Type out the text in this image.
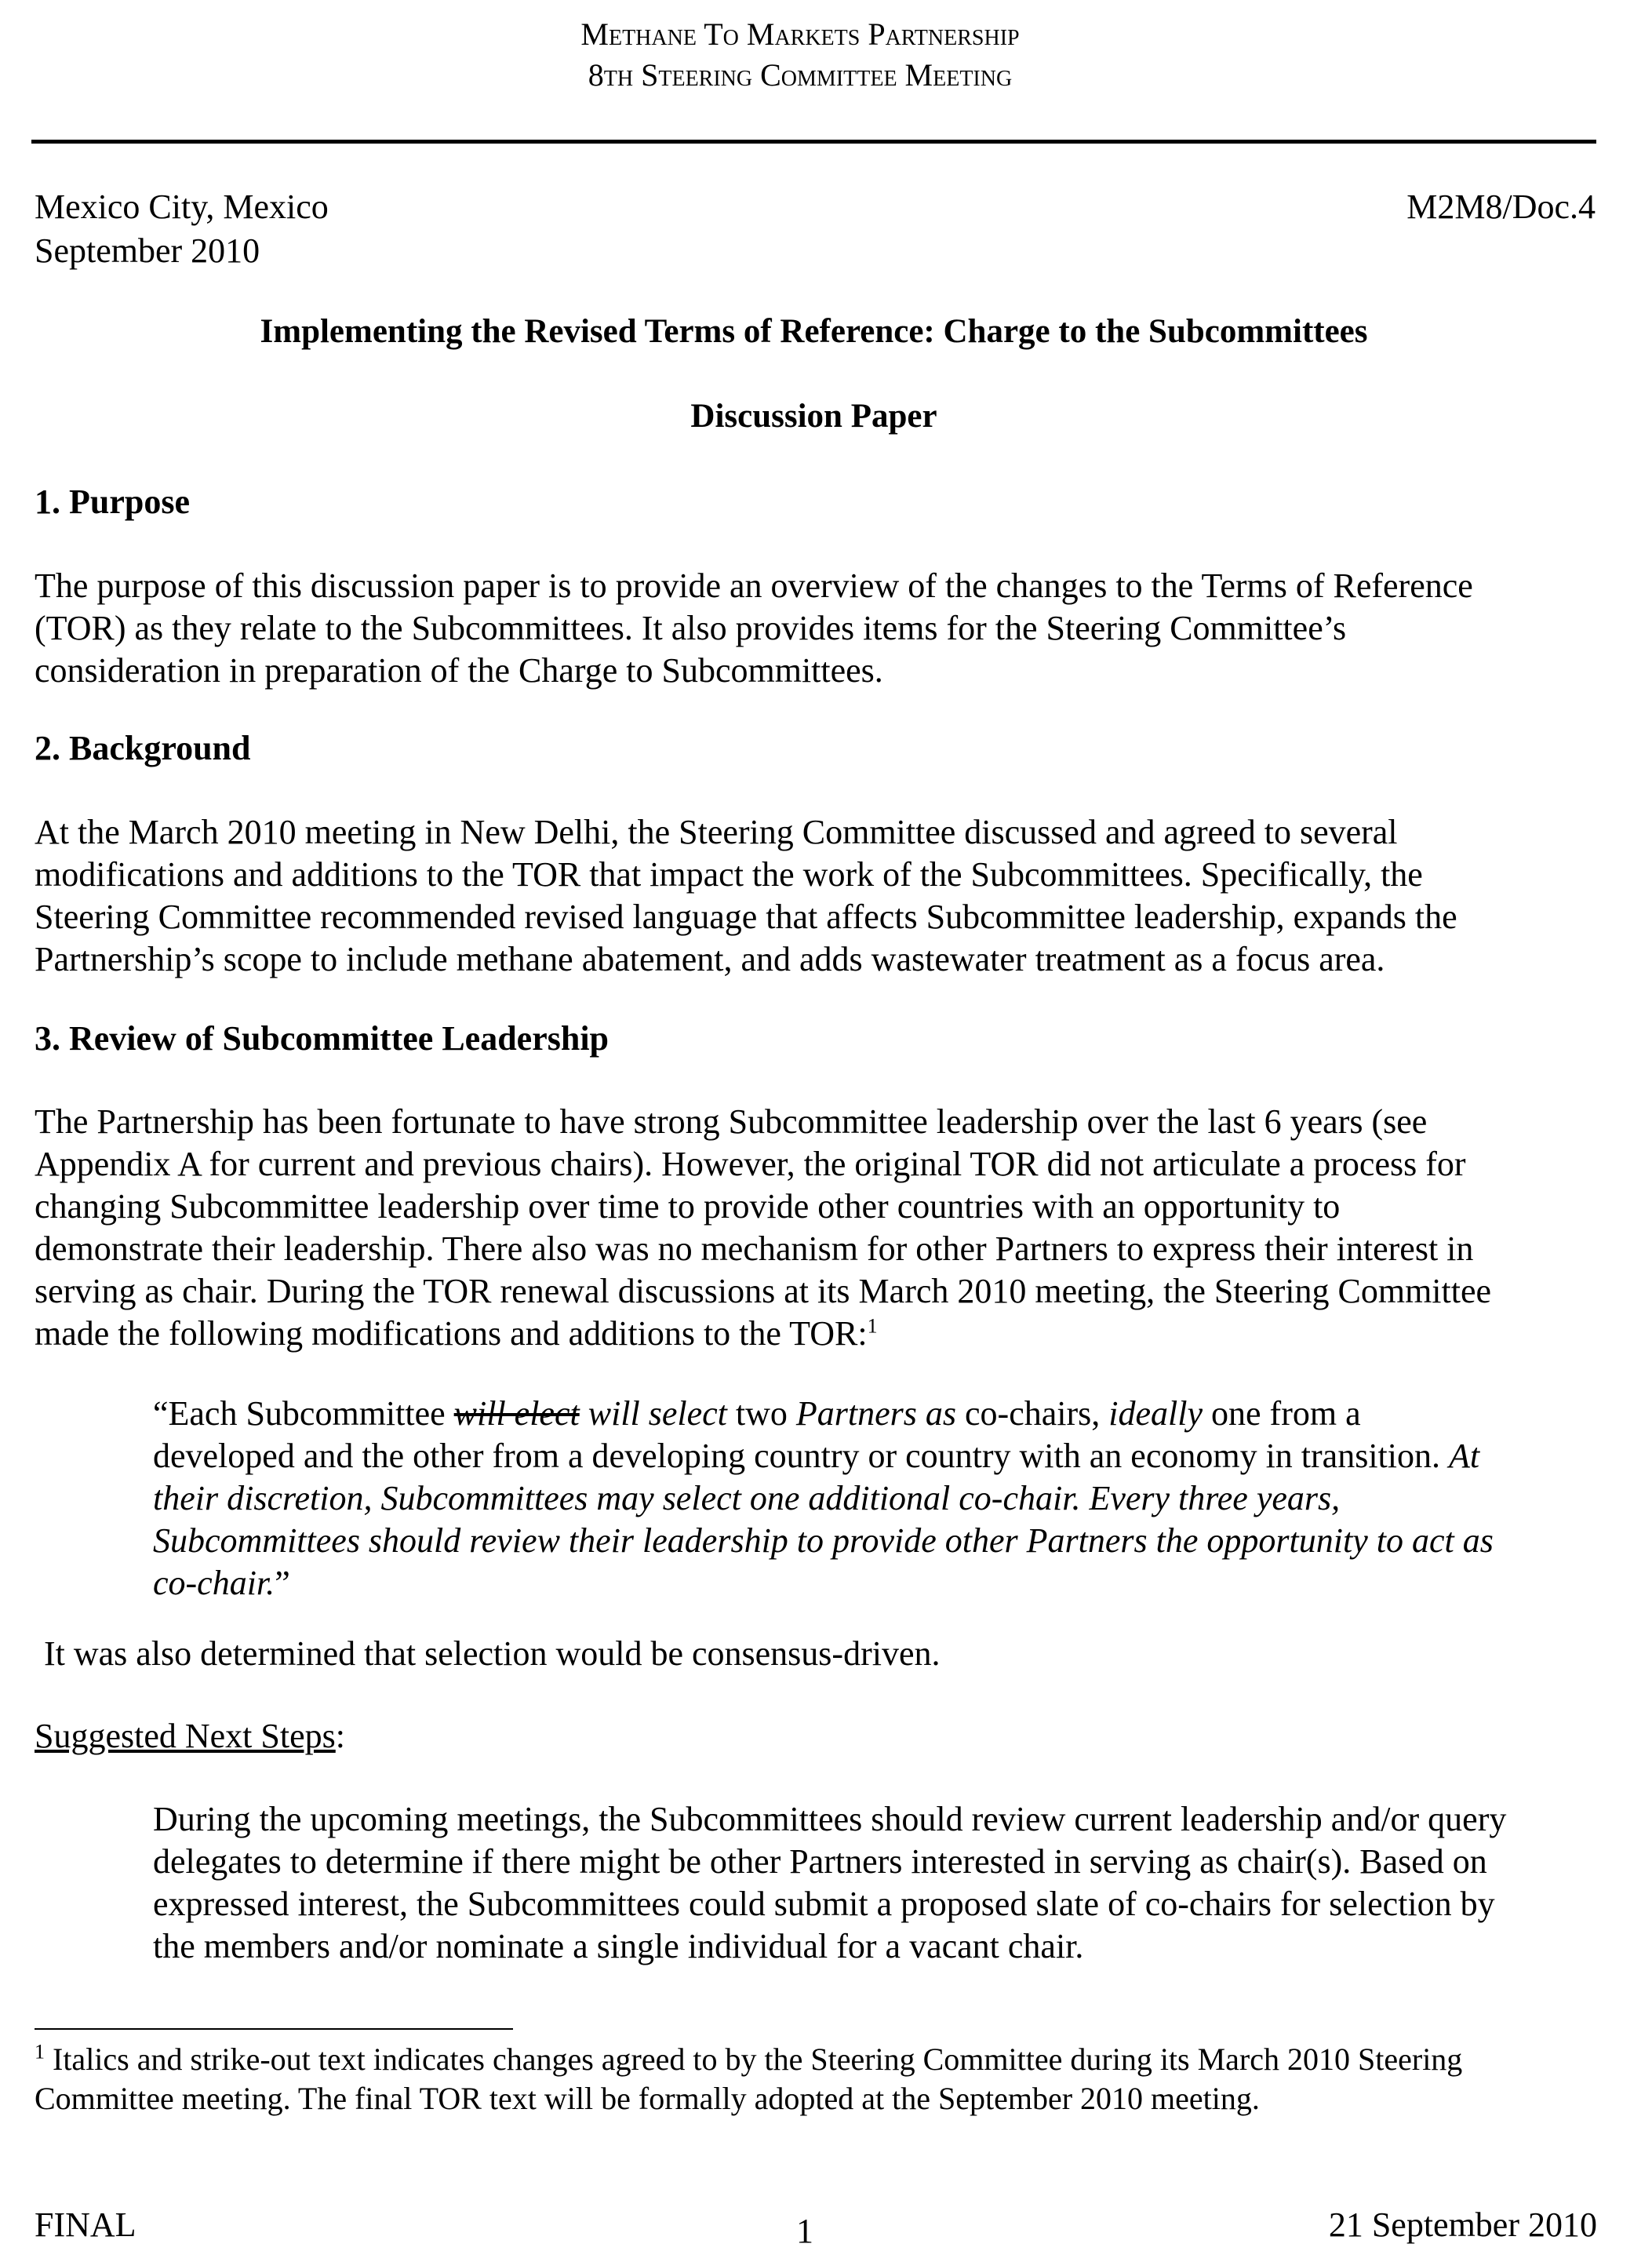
Methane To Markets Partnership
8th Steering Committee Meeting
Mexico City, Mexico
September 2010
M2M8/Doc.4
Implementing the Revised Terms of Reference: Charge to the Subcommittees
Discussion Paper
1. Purpose
The purpose of this discussion paper is to provide an overview of the changes to the Terms of Reference
(TOR) as they relate to the Subcommittees. It also provides items for the Steering Committee’s
consideration in preparation of the Charge to Subcommittees.
2. Background
At the March 2010 meeting in New Delhi, the Steering Committee discussed and agreed to several
modifications and additions to the TOR that impact the work of the Subcommittees. Specifically, the
Steering Committee recommended revised language that affects Subcommittee leadership, expands the
Partnership’s scope to include methane abatement, and adds wastewater treatment as a focus area.
3. Review of Subcommittee Leadership
The Partnership has been fortunate to have strong Subcommittee leadership over the last 6 years (see
Appendix A for current and previous chairs). However, the original TOR did not articulate a process for
changing Subcommittee leadership over time to provide other countries with an opportunity to
demonstrate their leadership. There also was no mechanism for other Partners to express their interest in
serving as chair. During the TOR renewal discussions at its March 2010 meeting, the Steering Committee
made the following modifications and additions to the TOR:$^1$
“Each Subcommittee will elect will select two Partners as co-chairs, ideally one from a
developed and the other from a developing country or country with an economy in transition. At
their discretion, Subcommittees may select one additional co-chair. Every three years,
Subcommittees should review their leadership to provide other Partners the opportunity to act as
co-chair.”
It was also determined that selection would be consensus-driven.
Suggested Next Steps:
During the upcoming meetings, the Subcommittees should review current leadership and/or query
delegates to determine if there might be other Partners interested in serving as chair(s). Based on
expressed interest, the Subcommittees could submit a proposed slate of co-chairs for selection by
the members and/or nominate a single individual for a vacant chair.
$^1$ Italics and strike-out text indicates changes agreed to by the Steering Committee during its March 2010 Steering
Committee meeting. The final TOR text will be formally adopted at the September 2010 meeting.
FINAL	1	21 September 2010
